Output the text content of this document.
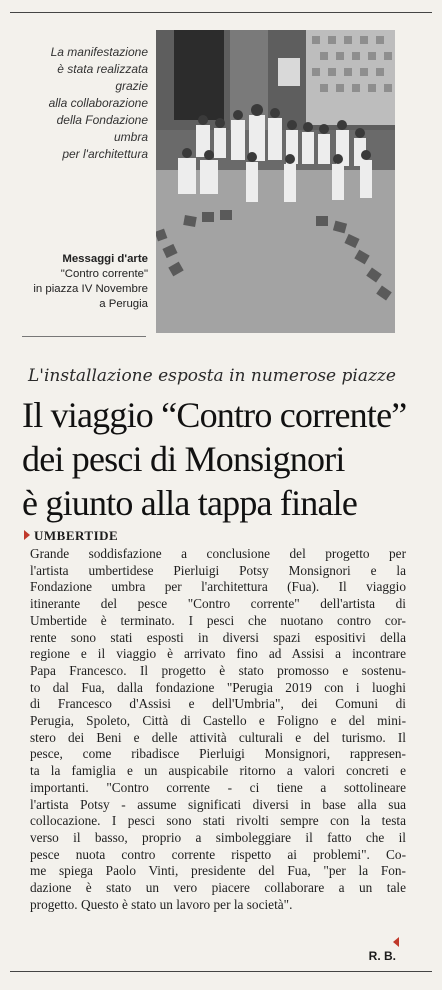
La manifestazione
è stata realizzata
grazie
alla collaborazione
della Fondazione
umbra
per l'architettura
Messaggi d'arte
"Contro corrente"
in piazza IV Novembre
a Perugia
L'installazione esposta in numerose piazze
Il viaggio “Contro corrente”
dei pesci di Monsignori
è giunto alla tappa finale
UMBERTIDE
Grande soddisfazione a conclusione del progetto per
l'artista umbertidese Pierluigi Potsy Monsignori e la
Fondazione umbra per l'architettura (Fua). Il viaggio
itinerante del pesce "Contro corrente" dell'artista di
Umbertide è terminato. I pesci che nuotano contro cor-
rente sono stati esposti in diversi spazi espositivi della
regione e il viaggio è arrivato fino ad Assisi a incontrare
Papa Francesco. Il progetto è stato promosso e sostenu-
to dal Fua, dalla fondazione "Perugia 2019 con i luoghi
di Francesco d'Assisi e dell'Umbria", dei Comuni di
Perugia, Spoleto, Città di Castello e Foligno e del mini-
stero dei Beni e delle attività culturali e del turismo. Il
pesce, come ribadisce Pierluigi Monsignori, rappresen-
ta la famiglia e un auspicabile ritorno a valori concreti e
importanti. "Contro corrente - ci tiene a sottolineare
l'artista Potsy - assume significati diversi in base alla sua
collocazione. I pesci sono stati rivolti sempre con la testa
verso il basso, proprio a simboleggiare il fatto che il
pesce nuota contro corrente rispetto ai problemi". Co-
me spiega Paolo Vinti, presidente del Fua, "per la Fon-
dazione è stato un vero piacere collaborare a un tale
progetto. Questo è stato un lavoro per la società".
R. B.
